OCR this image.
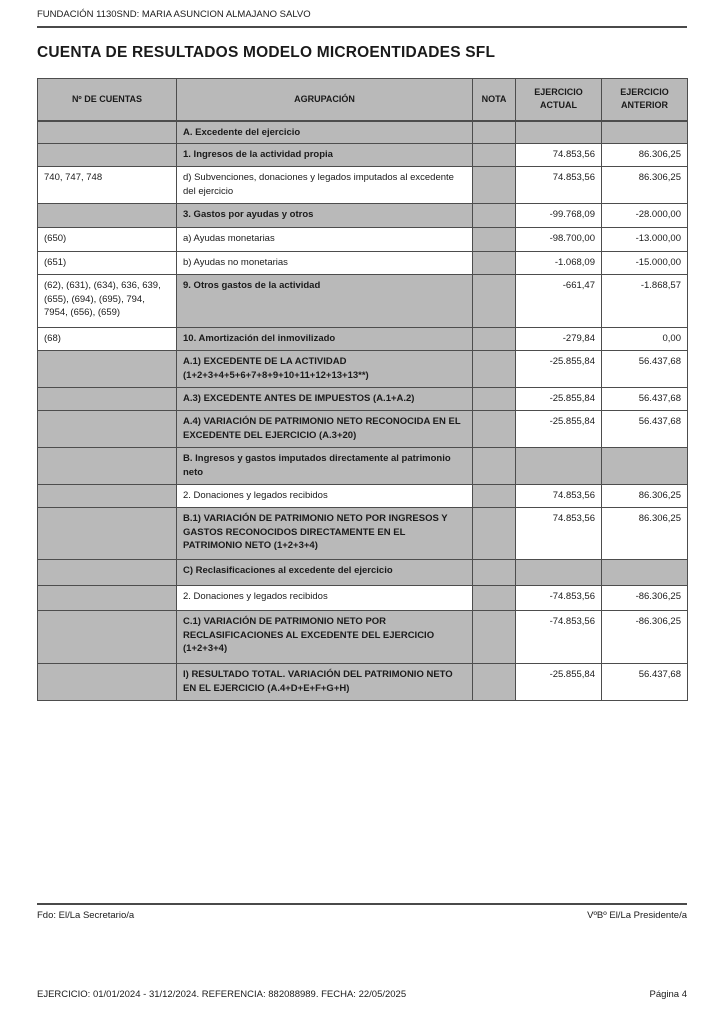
FUNDACIÓN 1130SND: MARIA ASUNCION ALMAJANO SALVO
CUENTA DE RESULTADOS MODELO MICROENTIDADES SFL
Nº DE CUENTAS	AGRUPACIÓN	NOTA	EJERCICIO ACTUAL	EJERCICIO ANTERIOR
	A. Excedente del ejercicio			
	1. Ingresos de la actividad propia		74.853,56	86.306,25
740, 747, 748	d) Subvenciones, donaciones y legados imputados al excedente del ejercicio		74.853,56	86.306,25
	3. Gastos por ayudas y otros		-99.768,09	-28.000,00
(650)	a) Ayudas monetarias		-98.700,00	-13.000,00
(651)	b) Ayudas no monetarias		-1.068,09	-15.000,00
(62), (631), (634), 636, 639, (655), (694), (695), 794, 7954, (656), (659)	9. Otros gastos de la actividad		-661,47	-1.868,57
(68)	10. Amortización del inmovilizado		-279,84	0,00
	A.1) EXCEDENTE DE LA ACTIVIDAD (1+2+3+4+5+6+7+8+9+10+11+12+13+13**)		-25.855,84	56.437,68
	A.3) EXCEDENTE ANTES DE IMPUESTOS (A.1+A.2)		-25.855,84	56.437,68
	A.4) VARIACIÓN DE PATRIMONIO NETO RECONOCIDA EN EL EXCEDENTE DEL EJERCICIO (A.3+20)		-25.855,84	56.437,68
	B. Ingresos y gastos imputados directamente al patrimonio neto			
	2. Donaciones y legados recibidos		74.853,56	86.306,25
	B.1) VARIACIÓN DE PATRIMONIO NETO POR INGRESOS Y GASTOS RECONOCIDOS DIRECTAMENTE EN EL PATRIMONIO NETO (1+2+3+4)		74.853,56	86.306,25
	C) Reclasificaciones al excedente del ejercicio			
	2. Donaciones y legados recibidos		-74.853,56	-86.306,25
	C.1) VARIACIÓN DE PATRIMONIO NETO POR RECLASIFICACIONES AL EXCEDENTE DEL EJERCICIO (1+2+3+4)		-74.853,56	-86.306,25
	I) RESULTADO TOTAL. VARIACIÓN DEL PATRIMONIO NETO EN EL EJERCICIO (A.4+D+E+F+G+H)		-25.855,84	56.437,68
Fdo: El/La Secretario/a	VºBº El/La Presidente/a
EJERCICIO: 01/01/2024 - 31/12/2024. REFERENCIA: 882088989. FECHA: 22/05/2025	Página 4
